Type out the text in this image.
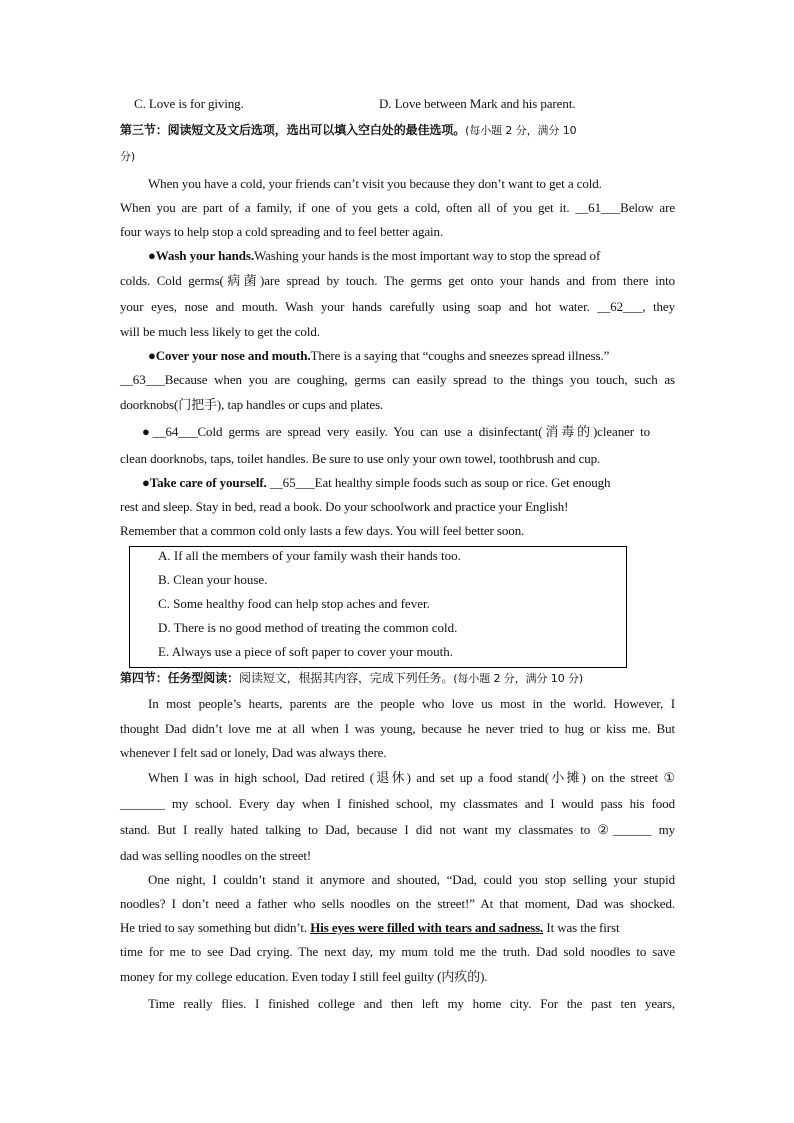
C. Love is for giving.	D. Love between Mark and his parent.
第三节：阅读短文及文后选项，选出可以填入空白处的最佳选项。(每小题 2 分，满分 10
分)
When you have a cold, your friends can’t visit you because they don’t want to get a cold.
When you are part of a family, if one of you gets a cold, often all of you get it. __61___Below are
four ways to help stop a cold spreading and to feel better again.
●Wash your hands.Washing your hands is the most important way to stop the spread of
colds. Cold germs(病菌)are spread by touch. The germs get onto your hands and from there into
your eyes, nose and mouth. Wash your hands carefully using soap and hot water. __62___, they
will be much less likely to get the cold.
●Cover your nose and mouth.There is a saying that “coughs and sneezes spread illness.”
__63___Because when you are coughing, germs can easily spread to the things you touch, such as
doorknobs(门把手), tap handles or cups and plates.
●__64___Cold germs are spread very easily. You can use a disinfectant(消毒的)cleaner to
clean doorknobs, taps, toilet handles. Be sure to use only your own towel, toothbrush and cup.
●Take care of yourself. __65___Eat healthy simple foods such as soup or rice. Get enough
rest and sleep. Stay in bed, read a book. Do your schoolwork and practice your English!
Remember that a common cold only lasts a few days. You will feel better soon.
A. If all the members of your family wash their hands too.
B. Clean your house.
C. Some healthy food can help stop aches and fever.
D. There is no good method of treating the common cold.
E. Always use a piece of soft paper to cover your mouth.
第四节：任务型阅读：阅读短文，根据其内容，完成下列任务。(每小题 2 分，满分 10 分)
In most people’s hearts, parents are the people who love us most in the world. However, I
thought Dad didn’t love me at all when I was young, because he never tried to hug or kiss me. But
whenever I felt sad or lonely, Dad was always there.
When I was in high school, Dad retired (退休) and set up a food stand(小摊) on the street ①
_______ my school. Every day when I finished school, my classmates and I would pass his food
stand. But I really hated talking to Dad, because I did not want my classmates to ②______ my
dad was selling noodles on the street!
One night, I couldn’t stand it anymore and shouted, “Dad, could you stop selling your stupid
noodles? I don’t need a father who sells noodles on the street!” At that moment, Dad was shocked.
He tried to say something but didn’t. His eyes were filled with tears and sadness. It was the first
time for me to see Dad crying. The next day, my mum told me the truth. Dad sold noodles to save
money for my college education. Even today I still feel guilty (内疚的).
Time really flies. I finished college and then left my home city. For the past ten years,
